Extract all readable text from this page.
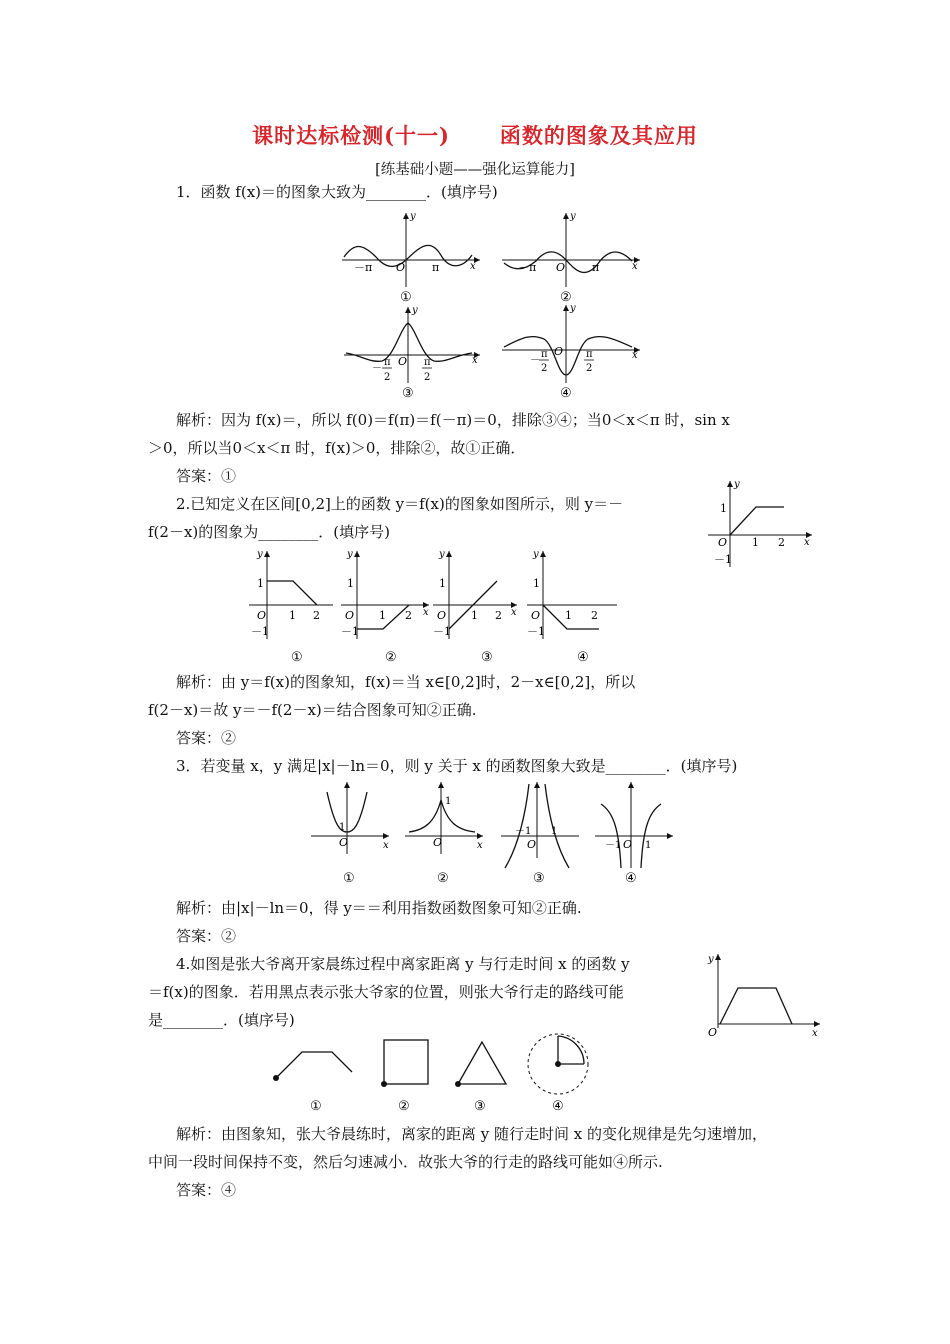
课时达标检测(十一)      函数的图象及其应用
[练基础小题——强化运算能力]
1．函数 f(x)＝的图象大致为________．(填序号)
y
x
O
－π	π
①
y
x
O
－π	π
②
y
x
O
－
π
2
π
2
③
y
x
O
－
π
2
π
2
④
解析：因为 f(x)＝，所以 f(0)＝f(π)＝f(－π)＝0，排除③④；当0＜x＜π 时，sin x
＞0，所以当0＜x＜π 时，f(x)＞0，排除②，故①正确．
答案：①
2.已知定义在区间[0,2]上的函数 y＝f(x)的图象如图所示，则 y＝－
f(2－x)的图象为________．(填序号)
y
x
O
1
1 2
－1
y
O
1
1 2
－1
①
y
x
O
1
1 2
－1
②
y
x
O
1
1 2
－1
③
y
O
1
1 2
－1
④
解析：由 y＝f(x)的图象知，f(x)＝当 x∈[0,2]时，2－x∈[0,2]，所以
f(2－x)＝故 y＝－f(2－x)＝结合图象可知②正确.
答案：②
3．若变量 x，y 满足|x|－ln＝0，则 y 关于 x 的函数图象大致是________．(填序号)
O
1
x
①
O
1
x
②
－1 1
O
③
－1 1
O
④
解析：由|x|－ln＝0，得 y＝＝利用指数函数图象可知②正确.
答案：②
4.如图是张大爷离开家晨练过程中离家距离 y 与行走时间 x 的函数 y
＝f(x)的图象．若用黑点表示张大爷家的位置，则张大爷行走的路线可能
是________．(填序号)
y
x
O
①	②	③	④
解析：由图象知，张大爷晨练时，离家的距离 y 随行走时间 x 的变化规律是先匀速增加，
中间一段时间保持不变，然后匀速减小．故张大爷的行走的路线可能如④所示.
答案：④
